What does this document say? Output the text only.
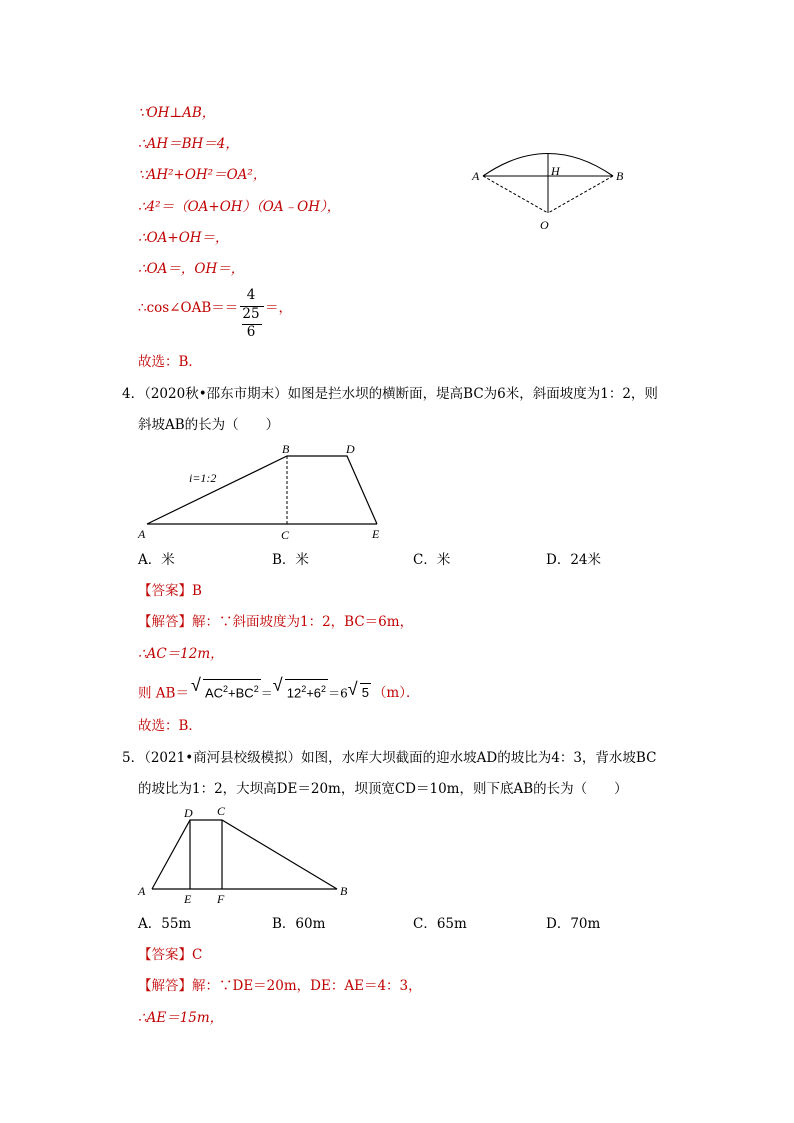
∵OH⊥AB，
∴AH＝BH＝4，
∵AH²+OH²＝OA²，
∴4²＝（OA+OH）（OA﹣OH），
∴OA+OH＝，
∴OA＝，OH＝，
∴cos∠OAB＝＝
4
25
6
＝，
故选：B．
A	B
H
O
4．（2020秋•邵东市期末）如图是拦水坝的横断面，堤高BC为6米，斜面坡度为1：2，则
斜坡AB的长为（　　）
A
B
C
D
E
i=1:2
A．米	B．米	C．米	D．24米
【答案】B
【解答】解：∵斜面坡度为1：2，BC＝6m，
∴AC＝12m，
则 AB＝ √ $AC^2+BC^2$ ＝ √ $12^2+6^2 =6$ √ 5 （m）．
故选：B．
5．（2021•商河县校级模拟）如图，水库大坝截面的迎水坡AD的坡比为4：3，背水坡BC
的坡比为1：2，大坝高DE＝20m，坝顶宽CD＝10m，则下底AB的长为（　　）
A	B
C
D
E F
A．55m	B．60m	C．65m	D．70m
【答案】C
【解答】解：∵DE＝20m，DE：AE＝4：3，
∴AE＝15m，
